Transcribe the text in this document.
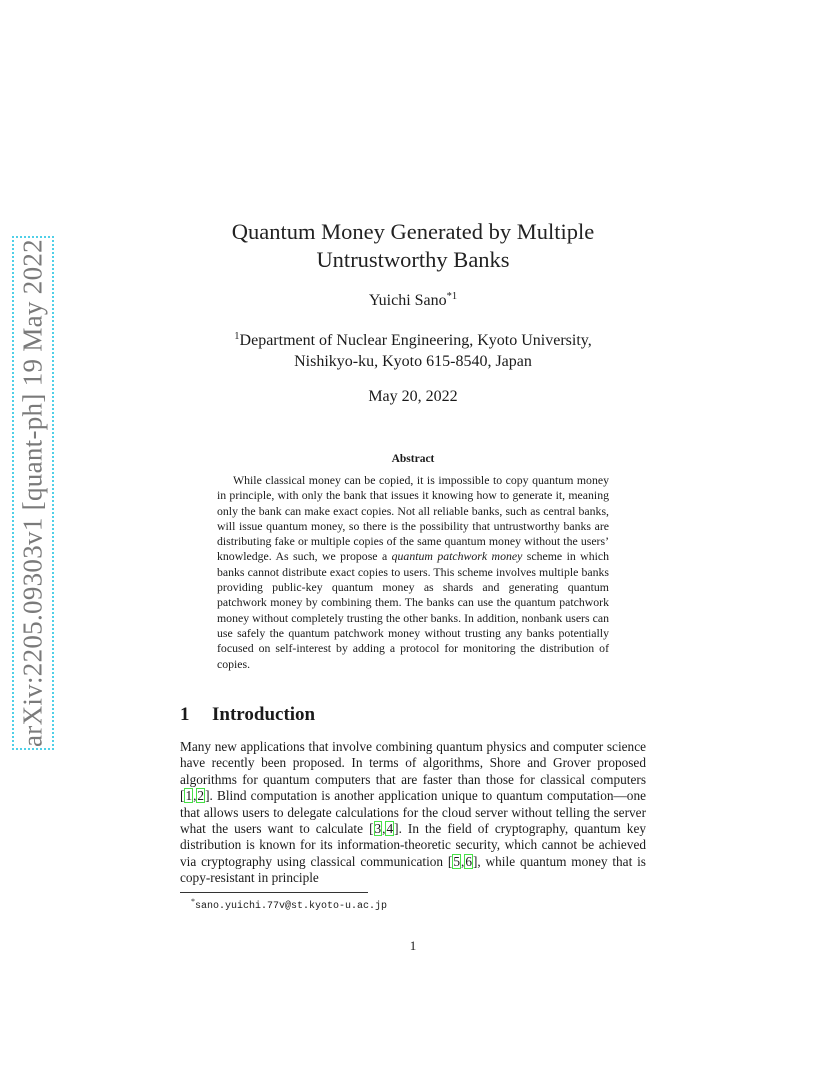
arXiv:2205.09303v1 [quant-ph] 19 May 2022
Quantum Money Generated by Multiple Untrustworthy Banks
Yuichi Sano$^{*1}$
$^1$Department of Nuclear Engineering, Kyoto University,
Nishikyo-ku, Kyoto 615-8540, Japan
May 20, 2022
Abstract

While classical money can be copied, it is impossible to copy quantum money in principle, with only the bank that issues it knowing how to generate it, meaning only the bank can make exact copies. Not all reliable banks, such as central banks, will issue quantum money, so there is the possibility that untrustworthy banks are distributing fake or multiple copies of the same quantum money without the users’ knowledge. As such, we propose a quantum patchwork money scheme in which banks cannot distribute exact copies to users. This scheme involves multiple banks providing public-key quantum money as shards and generating quantum patchwork money by combining them. The banks can use the quantum patchwork money without completely trusting the other banks. In addition, nonbank users can use safely the quantum patchwork money without trusting any banks potentially focused on self-interest by adding a protocol for monitoring the distribution of copies.

1 Introduction

Many new applications that involve combining quantum physics and computer science have recently been proposed. In terms of algorithms, Shore and Grover proposed algorithms for quantum computers that are faster than those for classical computers [1,2]. Blind computation is another application unique to quantum computation—one that allows users to delegate calculations for the cloud server without telling the server what the users want to calculate [3,4]. In the field of cryptography, quantum key distribution is known for its information-theoretic security, which cannot be achieved via cryptography using classical communication [5,6], while quantum money that is copy-resistant in principle

*sano.yuichi.77v@st.kyoto-u.ac.jp
1
